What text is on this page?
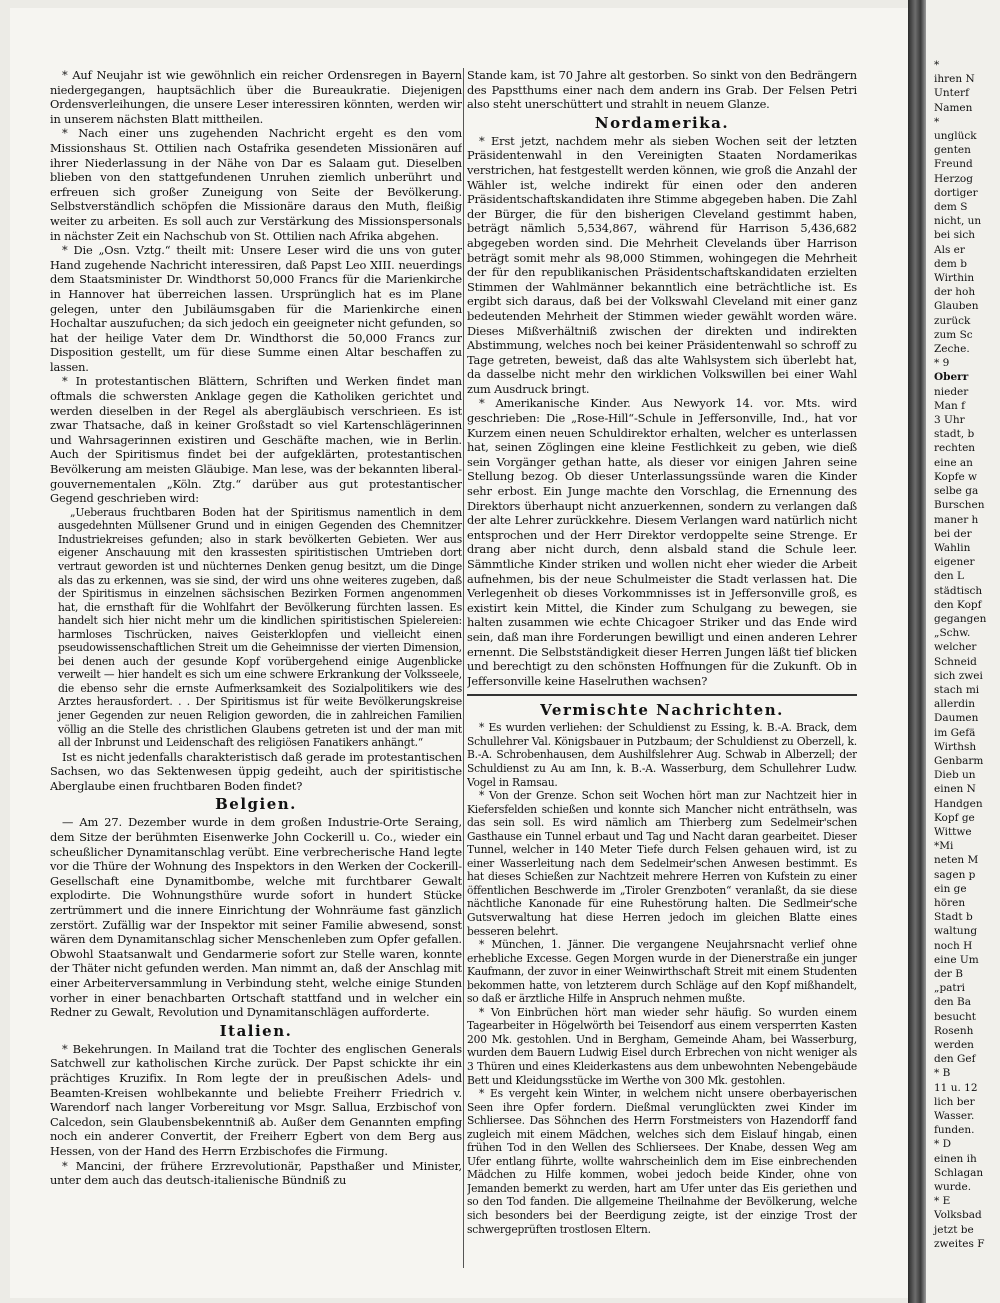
* Auf Neujahr ist wie gewöhnlich ein reicher Ordensregen in Bayern niedergegangen, hauptsächlich über die Bureaukratie. Diejenigen Ordensverleihungen, die unsere Leser interessiren könnten, werden wir in unserem nächsten Blatt mittheilen.

* Nach einer uns zugehenden Nachricht ergeht es den vom Missionshaus St. Ottilien nach Ostafrika gesendeten Missionären auf ihrer Niederlassung in der Nähe von Dar es Salaam gut. Dieselben blieben von den stattgefundenen Unruhen ziemlich unberührt und erfreuen sich großer Zuneigung von Seite der Bevölkerung. Selbstverständlich schöpfen die Missionäre daraus den Muth, fleißig weiter zu arbeiten. Es soll auch zur Verstärkung des Missionspersonals in nächster Zeit ein Nachschub von St. Ottilien nach Afrika abgehen.

* Die „Osn. Vztg.“ theilt mit: Unsere Leser wird die uns von guter Hand zugehende Nachricht interessiren, daß Papst Leo XIII. neuerdings dem Staatsminister Dr. Windthorst 50,000 Francs für die Marienkirche in Hannover hat überreichen lassen. Ursprünglich hat es im Plane gelegen, unter den Jubiläumsgaben für die Marienkirche einen Hochaltar auszufuchen; da sich jedoch ein geeigneter nicht gefunden, so hat der heilige Vater dem Dr. Windthorst die 50,000 Francs zur Disposition gestellt, um für diese Summe einen Altar beschaffen zu lassen.

* In protestantischen Blättern, Schriften und Werken findet man oftmals die schwersten Anklage gegen die Katholiken gerichtet und werden dieselben in der Regel als abergläubisch verschrieen. Es ist zwar Thatsache, daß in keiner Großstadt so viel Kartenschlägerinnen und Wahrsagerinnen existiren und Geschäfte machen, wie in Berlin. Auch der Spiritismus findet bei der aufgeklärten, protestantischen Bevölkerung am meisten Gläubige. Man lese, was der bekannten liberal-gouvernementalen „Köln. Ztg.“ darüber aus gut protestantischer Gegend geschrieben wird:

„Ueberaus fruchtbaren Boden hat der Spiritismus namentlich in dem ausgedehnten Müllsener Grund und in einigen Gegenden des Chemnitzer Industriekreises gefunden; also in stark bevölkerten Gebieten. Wer aus eigener Anschauung mit den krassesten spiritistischen Umtrieben dort vertraut geworden ist und nüchternes Denken genug besitzt, um die Dinge als das zu erkennen, was sie sind, der wird uns ohne weiteres zugeben, daß der Spiritismus in einzelnen sächsischen Bezirken Formen angenommen hat, die ernsthaft für die Wohlfahrt der Bevölkerung fürchten lassen. Es handelt sich hier nicht mehr um die kindlichen spiritistischen Spielereien: harmloses Tischrücken, naives Geisterklopfen und vielleicht einen pseudowissenschaftlichen Streit um die Geheimnisse der vierten Dimension, bei denen auch der gesunde Kopf vorübergehend einige Augenblicke verweilt — hier handelt es sich um eine schwere Erkrankung der Volksseele, die ebenso sehr die ernste Aufmerksamkeit des Sozialpolitikers wie des Arztes herausfordert. . . Der Spiritismus ist für weite Bevölkerungskreise jener Gegenden zur neuen Religion geworden, die in zahlreichen Familien völlig an die Stelle des christlichen Glaubens getreten ist und der man mit all der Inbrunst und Leidenschaft des religiösen Fanatikers anhängt.“

Ist es nicht jedenfalls charakteristisch daß gerade im protestantischen Sachsen, wo das Sektenwesen üppig gedeiht, auch der spiritistische Aberglaube einen fruchtbaren Boden findet?

Belgien.

— Am 27. Dezember wurde in dem großen Industrie-Orte Seraing, dem Sitze der berühmten Eisenwerke John Cockerill u. Co., wieder ein scheußlicher Dynamitanschlag verübt. Eine verbrecherische Hand legte vor die Thüre der Wohnung des Inspektors in den Werken der Cockerill-Gesellschaft eine Dynamitbombe, welche mit furchtbarer Gewalt explodirte. Die Wohnungsthüre wurde sofort in hundert Stücke zertrümmert und die innere Einrichtung der Wohnräume fast gänzlich zerstört. Zufällig war der Inspektor mit seiner Familie abwesend, sonst wären dem Dynamitanschlag sicher Menschenleben zum Opfer gefallen. Obwohl Staatsanwalt und Gendarmerie sofort zur Stelle waren, konnte der Thäter nicht gefunden werden. Man nimmt an, daß der Anschlag mit einer Arbeiterversammlung in Verbindung steht, welche einige Stunden vorher in einer benachbarten Ortschaft stattfand und in welcher ein Redner zu Gewalt, Revolution und Dynamitanschlägen aufforderte.

Italien.

* Bekehrungen. In Mailand trat die Tochter des englischen Generals Satchwell zur katholischen Kirche zurück. Der Papst schickte ihr ein prächtiges Kruzifix. In Rom legte der in preußischen Adels- und Beamten-Kreisen wohlbekannte und beliebte Freiherr Friedrich v. Warendorf nach langer Vorbereitung vor Msgr. Sallua, Erzbischof von Calcedon, sein Glaubensbekenntniß ab. Außer dem Genannten empfing noch ein anderer Convertit, der Freiherr Egbert von dem Berg aus Hessen, von der Hand des Herrn Erzbischofes die Firmung.

* Mancini, der frühere Erzrevolutionär, Papsthaßer und Minister, unter dem auch das deutsch-italienische Bündniß zu

Stande kam, ist 70 Jahre alt gestorben. So sinkt von den Bedrängern des Papstthums einer nach dem andern ins Grab. Der Felsen Petri also steht unerschüttert und strahlt in neuem Glanze.

Nordamerika.

* Erst jetzt, nachdem mehr als sieben Wochen seit der letzten Präsidentenwahl in den Vereinigten Staaten Nordamerikas verstrichen, hat festgestellt werden können, wie groß die Anzahl der Wähler ist, welche indirekt für einen oder den anderen Präsidentschaftskandidaten ihre Stimme abgegeben haben. Die Zahl der Bürger, die für den bisherigen Cleveland gestimmt haben, beträgt nämlich 5,534,867, während für Harrison 5,436,682 abgegeben worden sind. Die Mehrheit Clevelands über Harrison beträgt somit mehr als 98,000 Stimmen, wohingegen die Mehrheit der für den republikanischen Präsidentschaftskandidaten erzielten Stimmen der Wahlmänner bekanntlich eine beträchtliche ist. Es ergibt sich daraus, daß bei der Volkswahl Cleveland mit einer ganz bedeutenden Mehrheit der Stimmen wieder gewählt worden wäre. Dieses Mißverhältniß zwischen der direkten und indirekten Abstimmung, welches noch bei keiner Präsidentenwahl so schroff zu Tage getreten, beweist, daß das alte Wahlsystem sich überlebt hat, da dasselbe nicht mehr den wirklichen Volkswillen bei einer Wahl zum Ausdruck bringt.

* Amerikanische Kinder. Aus Newyork 14. vor. Mts. wird geschrieben: Die „Rose-Hill“-Schule in Jeffersonville, Ind., hat vor Kurzem einen neuen Schuldirektor erhalten, welcher es unterlassen hat, seinen Zöglingen eine kleine Festlichkeit zu geben, wie dieß sein Vorgänger gethan hatte, als dieser vor einigen Jahren seine Stellung bezog. Ob dieser Unterlassungssünde waren die Kinder sehr erbost. Ein Junge machte den Vorschlag, die Ernennung des Direktors überhaupt nicht anzuerkennen, sondern zu verlangen daß der alte Lehrer zurückkehre. Diesem Verlangen ward natürlich nicht entsprochen und der Herr Direktor verdoppelte seine Strenge. Er drang aber nicht durch, denn alsbald stand die Schule leer. Sämmtliche Kinder striken und wollen nicht eher wieder die Arbeit aufnehmen, bis der neue Schulmeister die Stadt verlassen hat. Die Verlegenheit ob dieses Vorkommnisses ist in Jeffersonville groß, es existirt kein Mittel, die Kinder zum Schulgang zu bewegen, sie halten zusammen wie echte Chicagoer Striker und das Ende wird sein, daß man ihre Forderungen bewilligt und einen anderen Lehrer ernennt. Die Selbstständigkeit dieser Herren Jungen läßt tief blicken und berechtigt zu den schönsten Hoffnungen für die Zukunft. Ob in Jeffersonville keine Haselruthen wachsen?

Vermischte Nachrichten.

* Es wurden verliehen: der Schuldienst zu Essing, k. B.-A. Brack, dem Schullehrer Val. Königsbauer in Putzbaum; der Schuldienst zu Oberzell, k. B.-A. Schrobenhausen, dem Aushilfslehrer Aug. Schwab in Alberzell; der Schuldienst zu Au am Inn, k. B.-A. Wasserburg, dem Schullehrer Ludw. Vogel in Ramsau.

* Von der Grenze. Schon seit Wochen hört man zur Nachtzeit hier in Kiefersfelden schießen und konnte sich Mancher nicht enträthseln, was das sein soll. Es wird nämlich am Thierberg zum Sedelmeir'schen Gasthause ein Tunnel erbaut und Tag und Nacht daran gearbeitet. Dieser Tunnel, welcher in 140 Meter Tiefe durch Felsen gehauen wird, ist zu einer Wasserleitung nach dem Sedelmeir'schen Anwesen bestimmt. Es hat dieses Schießen zur Nachtzeit mehrere Herren von Kufstein zu einer öffentlichen Beschwerde im „Tiroler Grenzboten“ veranlaßt, da sie diese nächtliche Kanonade für eine Ruhestörung halten. Die Sedlmeir'sche Gutsverwaltung hat diese Herren jedoch im gleichen Blatte eines besseren belehrt.

* München, 1. Jänner. Die vergangene Neujahrsnacht verlief ohne erhebliche Excesse. Gegen Morgen wurde in der Dienerstraße ein junger Kaufmann, der zuvor in einer Weinwirthschaft Streit mit einem Studenten bekommen hatte, von letzterem durch Schläge auf den Kopf mißhandelt, so daß er ärztliche Hilfe in Anspruch nehmen mußte.

* Von Einbrüchen hört man wieder sehr häufig. So wurden einem Tagearbeiter in Högelwörth bei Teisendorf aus einem versperrten Kasten 200 Mk. gestohlen. Und in Bergham, Gemeinde Aham, bei Wasserburg, wurden dem Bauern Ludwig Eisel durch Erbrechen von nicht weniger als 3 Thüren und eines Kleiderkastens aus dem unbewohnten Nebengebäude Bett und Kleidungsstücke im Werthe von 300 Mk. gestohlen.

* Es vergeht kein Winter, in welchem nicht unsere oberbayerischen Seen ihre Opfer fordern. Dießmal verunglückten zwei Kinder im Schliersee. Das Söhnchen des Herrn Forstmeisters von Hazendorff fand zugleich mit einem Mädchen, welches sich dem Eislauf hingab, einen frühen Tod in den Wellen des Schliersees. Der Knabe, dessen Weg am Ufer entlang führte, wollte wahrscheinlich dem im Eise einbrechenden Mädchen zu Hilfe kommen, wobei jedoch beide Kinder, ohne von Jemanden bemerkt zu werden, hart am Ufer unter das Eis geriethen und so den Tod fanden. Die allgemeine Theilnahme der Bevölkerung, welche sich besonders bei der Beerdigung zeigte, ist der einzige Trost der schwergeprüften trostlosen Eltern.

*
ihren N
Unterf
Namen
*
unglück
genten
Freund
Herzog
dortiger
dem S
nicht, un
bei sich
Als er
dem b
Wirthin
der hoh
Glauben
zurück
zum Sc
Zeche.
* 9
Oberr
nieder
Man f
3 Uhr
stadt, b
rechten
eine an
Kopfe w
selbe ga
Burschen
maner h
bei der
Wahlin
eigener
den L
städtisch
den Kopf
gegangen
„Schw.
welcher
Schneid
sich zwei
stach mi
allerdin
Daumen
im Gefä
Wirthsh
Genbarm
Dieb un
einen N
Handgen
Kopf ge
Wittwe
*Mi
neten M
sagen p
ein ge
hören
Stadt b
waltung
noch H
eine Um
der B
„patri
den Ba
besucht
Rosenh
werden
den Gef
* B
11 u. 12
lich ber
Wasser.
funden.
* D
einen ih
Schlagan
wurde.
* E
Volksbad
jetzt be
zweites F
